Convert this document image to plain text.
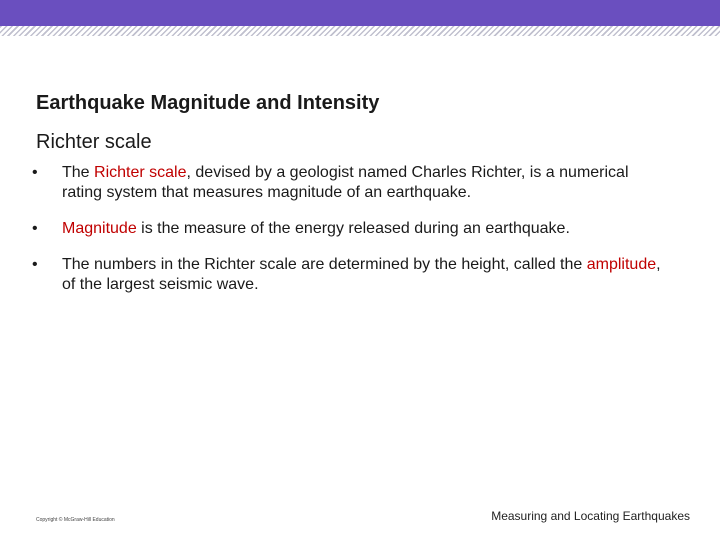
Earthquake Magnitude and Intensity
Richter scale
•	The Richter scale, devised by a geologist named Charles Richter, is a numerical rating system that measures magnitude of an earthquake.
•	Magnitude is the measure of the energy released during an earthquake.
•	The numbers in the Richter scale are determined by the height, called the amplitude, of the largest seismic wave.
Copyright © McGraw-Hill Education	Measuring and Locating Earthquakes
